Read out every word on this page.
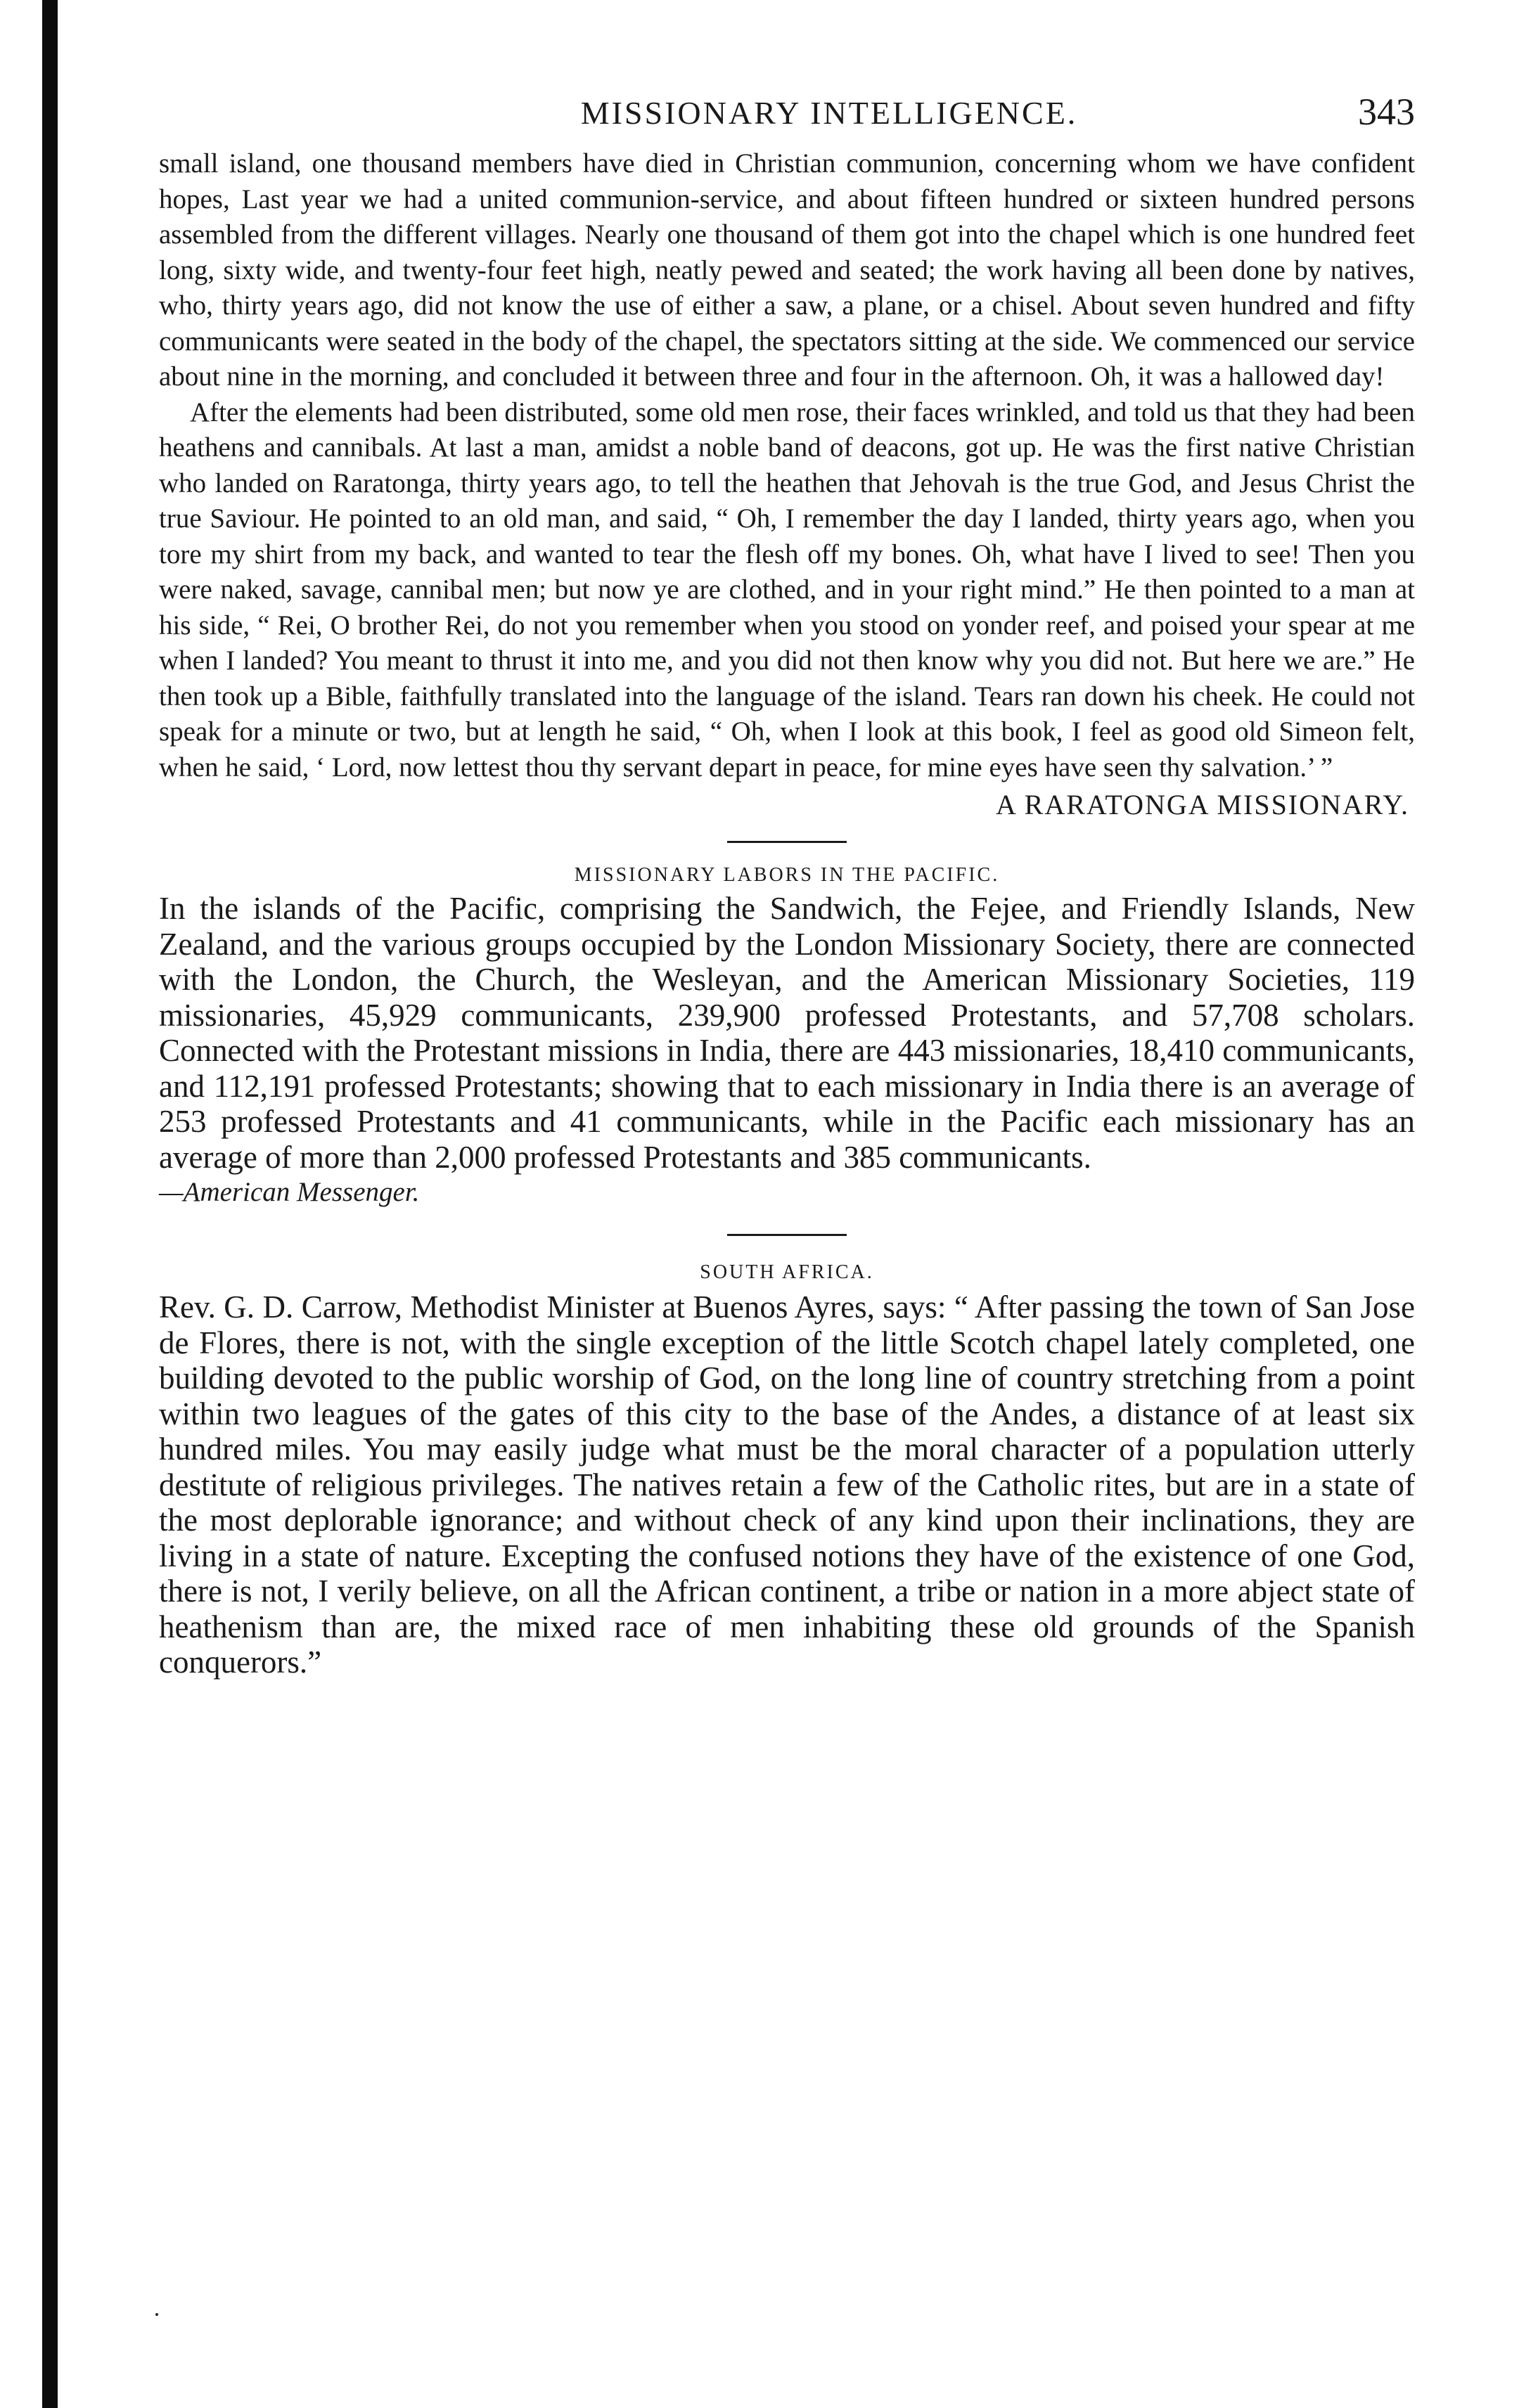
MISSIONARY INTELLIGENCE.	343

small island, one thousand members have died in Christian communion, concerning whom we have confident hopes, Last year we had a united communion-service, and about fifteen hundred or sixteen hundred persons assembled from the different villages. Nearly one thousand of them got into the chapel which is one hundred feet long, sixty wide, and twenty-four feet high, neatly pewed and seated; the work having all been done by natives, who, thirty years ago, did not know the use of either a saw, a plane, or a chisel. About seven hundred and fifty communicants were seated in the body of the chapel, the spectators sitting at the side. We commenced our service about nine in the morning, and concluded it between three and four in the afternoon. Oh, it was a hallowed day!

After the elements had been distributed, some old men rose, their faces wrinkled, and told us that they had been heathens and cannibals. At last a man, amidst a noble band of deacons, got up. He was the first native Christian who landed on Raratonga, thirty years ago, to tell the heathen that Jehovah is the true God, and Jesus Christ the true Saviour. He pointed to an old man, and said, “ Oh, I remember the day I landed, thirty years ago, when you tore my shirt from my back, and wanted to tear the flesh off my bones. Oh, what have I lived to see! Then you were naked, savage, cannibal men; but now ye are clothed, and in your right mind.” He then pointed to a man at his side, “ Rei, O brother Rei, do not you remember when you stood on yonder reef, and poised your spear at me when I landed? You meant to thrust it into me, and you did not then know why you did not. But here we are.” He then took up a Bible, faithfully translated into the language of the island. Tears ran down his cheek. He could not speak for a minute or two, but at length he said, “ Oh, when I look at this book, I feel as good old Simeon felt, when he said, ‘ Lord, now lettest thou thy servant depart in peace, for mine eyes have seen thy salvation.’ ”

A RARATONGA MISSIONARY.

MISSIONARY LABORS IN THE PACIFIC.

In the islands of the Pacific, comprising the Sandwich, the Fejee, and Friendly Islands, New Zealand, and the various groups occupied by the London Missionary Society, there are connected with the London, the Church, the Wesleyan, and the American Missionary Societies, 119 missionaries, 45,929 communicants, 239,900 professed Protestants, and 57,708 scholars. Connected with the Protestant missions in India, there are 443 missionaries, 18,410 communicants, and 112,191 professed Protestants; showing that to each missionary in India there is an average of 253 professed Protestants and 41 communicants, while in the Pacific each missionary has an average of more than 2,000 professed Protestants and 385 communicants.

—American Messenger.

SOUTH AFRICA.

Rev. G. D. Carrow, Methodist Minister at Buenos Ayres, says: “ After passing the town of San Jose de Flores, there is not, with the single exception of the little Scotch chapel lately completed, one building devoted to the public worship of God, on the long line of country stretching from a point within two leagues of the gates of this city to the base of the Andes, a distance of at least six hundred miles. You may easily judge what must be the moral character of a population utterly destitute of religious privileges. The natives retain a few of the Catholic rites, but are in a state of the most deplorable ignorance; and without check of any kind upon their inclinations, they are living in a state of nature. Excepting the confused notions they have of the existence of one God, there is not, I verily believe, on all the African continent, a tribe or nation in a more abject state of heathenism than are, the mixed race of men inhabiting these old grounds of the Spanish conquerors.”
